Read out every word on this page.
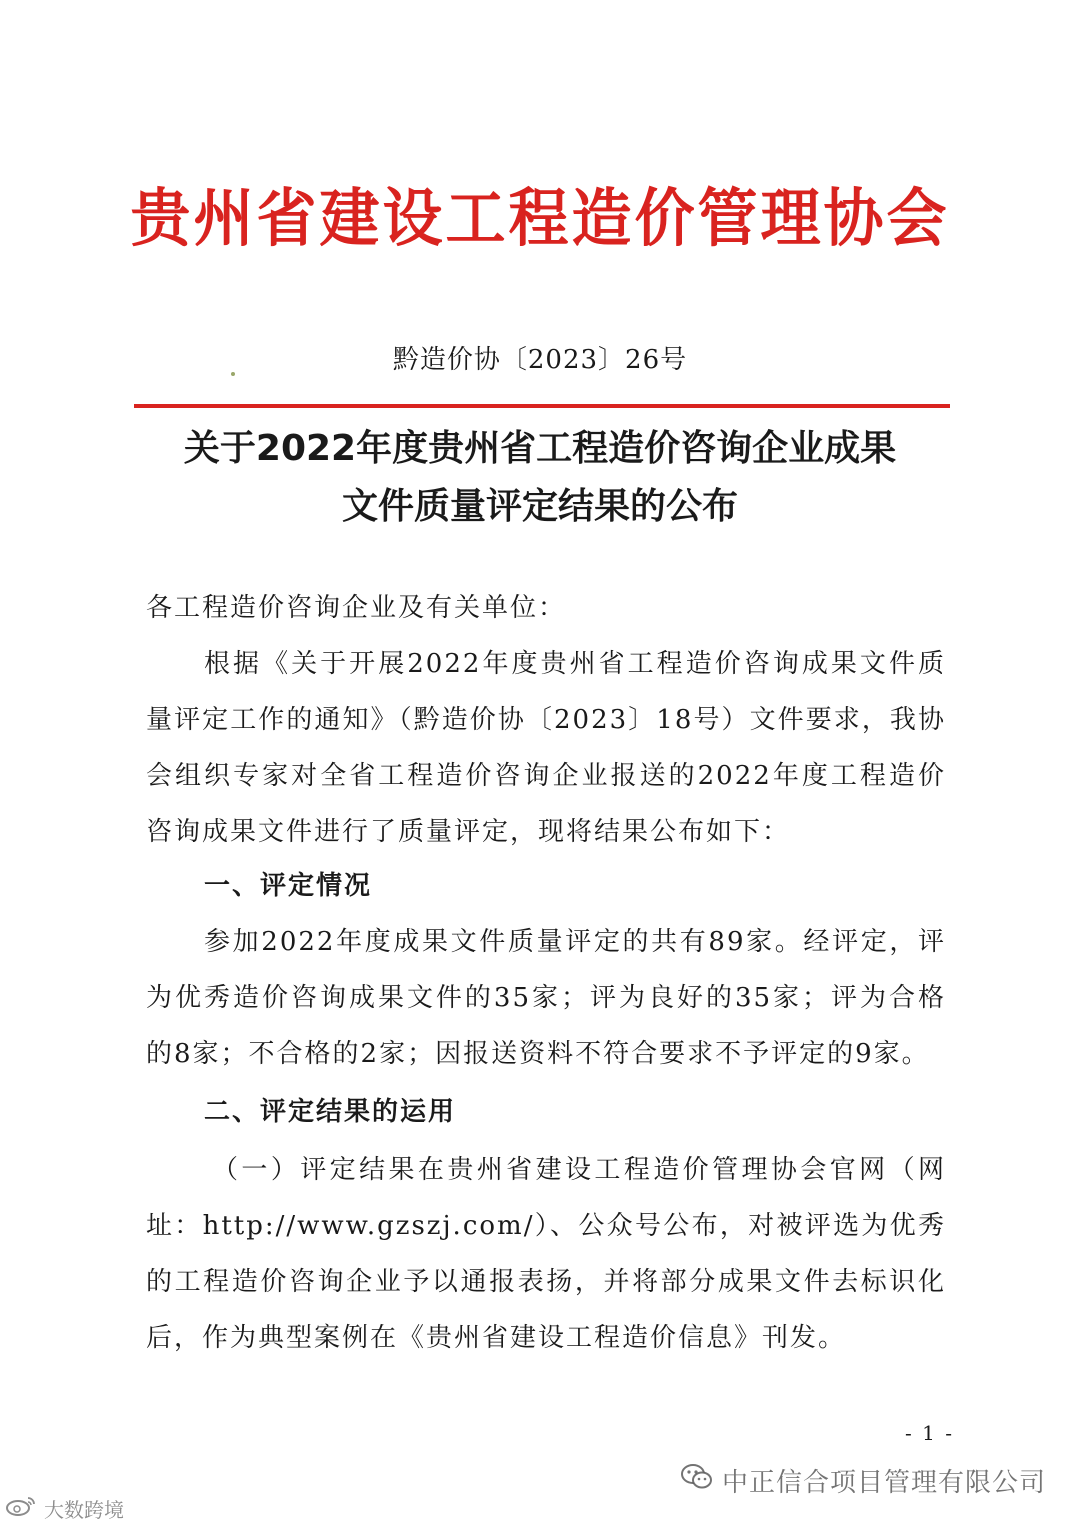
贵州省建设工程造价管理协会
黔造价协〔2023〕26号
关于2022年度贵州省工程造价咨询企业成果
文件质量评定结果的公布
各工程造价咨询企业及有关单位：
根据《关于开展2022年度贵州省工程造价咨询成果文件质量评定工作的通知》（黔造价协〔2023〕18号）文件要求，我协会组织专家对全省工程造价咨询企业报送的2022年度工程造价咨询成果文件进行了质量评定，现将结果公布如下：
一、评定情况
参加2022年度成果文件质量评定的共有89家。经评定，评为优秀造价咨询成果文件的35家；评为良好的35家；评为合格的8家；不合格的2家；因报送资料不符合要求不予评定的9家。
二、评定结果的运用
（一）评定结果在贵州省建设工程造价管理协会官网（网址：http://www.gzszj.com/）、公众号公布，对被评选为优秀的工程造价咨询企业予以通报表扬，并将部分成果文件去标识化后，作为典型案例在《贵州省建设工程造价信息》刊发。
- 1 -
中正信合项目管理有限公司
大数跨境
